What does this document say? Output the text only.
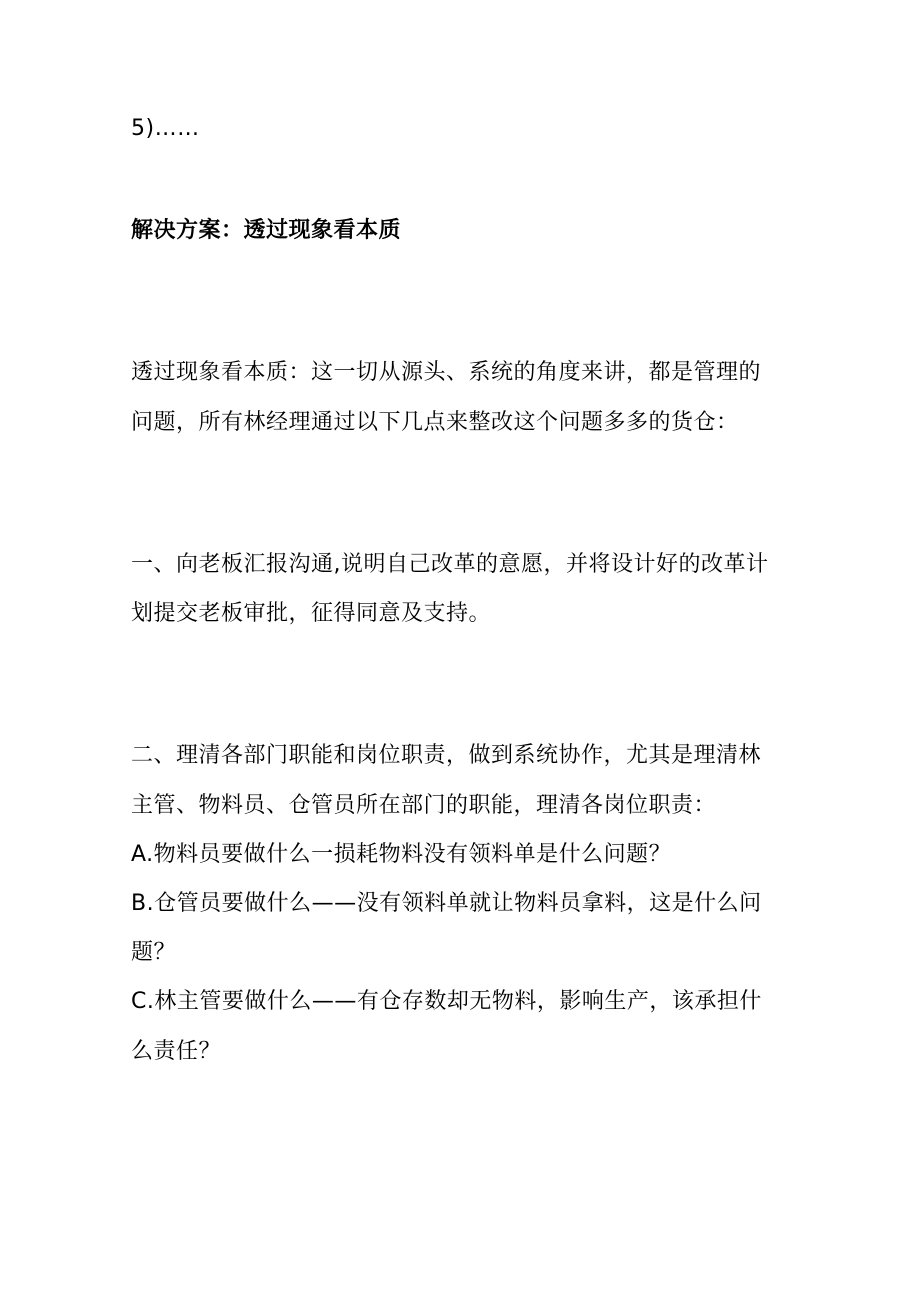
5)……
解决方案：透过现象看本质
透过现象看本质：这一切从源头、系统的角度来讲，都是管理的
问题，所有林经理通过以下几点来整改这个问题多多的货仓：
一、向老板汇报沟通,说明自己改革的意愿，并将设计好的改革计
划提交老板审批，征得同意及支持。
二、理清各部门职能和岗位职责，做到系统协作，尤其是理清林
主管、物料员、仓管员所在部门的职能，理清各岗位职责：
A.物料员要做什么一损耗物料没有领料单是什么问题？
B.仓管员要做什么——没有领料单就让物料员拿料，这是什么问
题？
C.林主管要做什么——有仓存数却无物料，影响生产，该承担什
么责任？
